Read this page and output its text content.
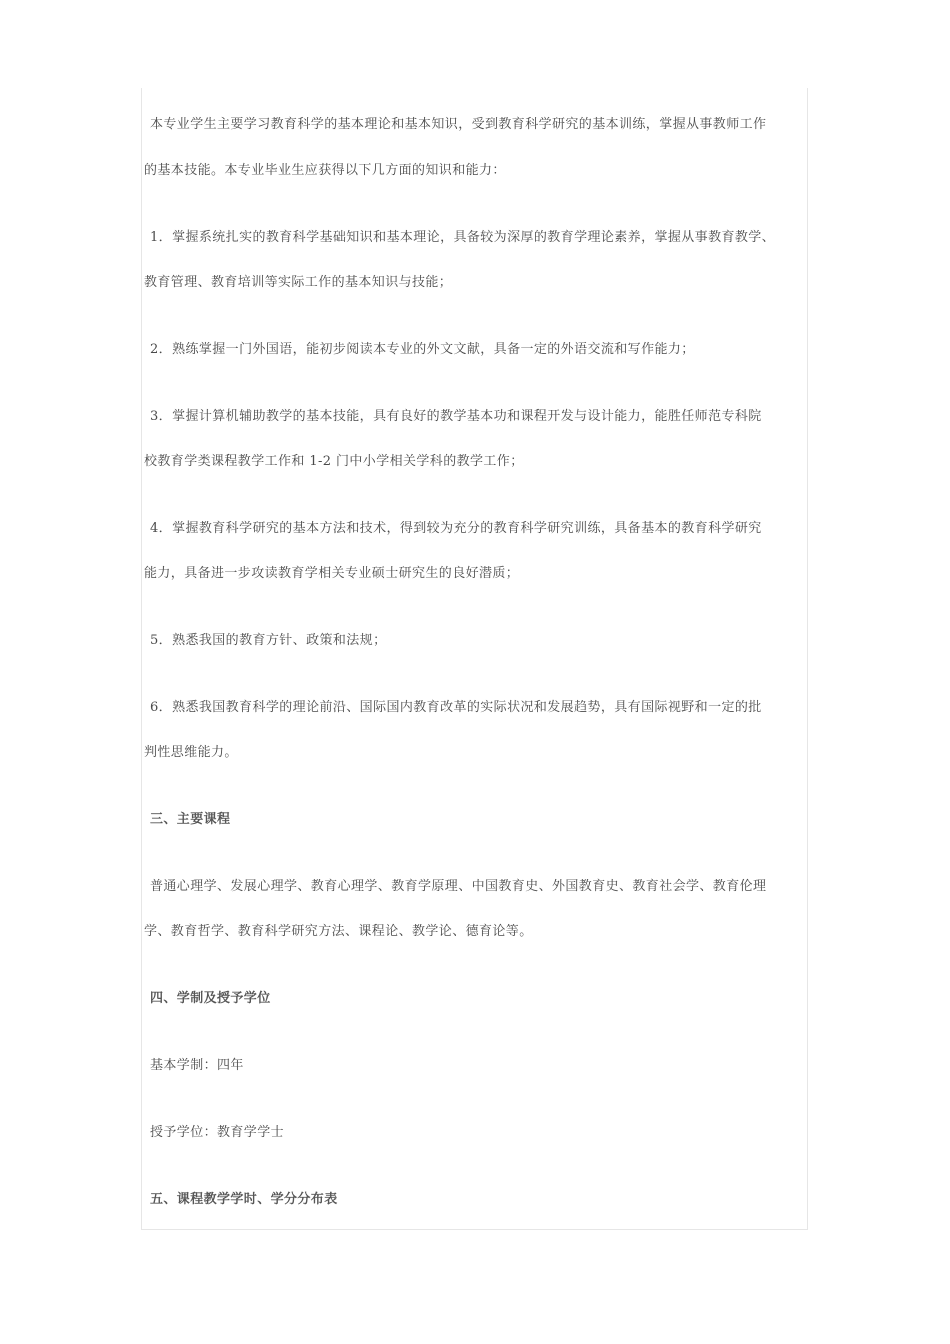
本专业学生主要学习教育科学的基本理论和基本知识，受到教育科学研究的基本训练，掌握从事教师工作
的基本技能。本专业毕业生应获得以下几方面的知识和能力：
1．掌握系统扎实的教育科学基础知识和基本理论，具备较为深厚的教育学理论素养，掌握从事教育教学、
教育管理、教育培训等实际工作的基本知识与技能；
2．熟练掌握一门外国语，能初步阅读本专业的外文文献，具备一定的外语交流和写作能力；
3．掌握计算机辅助教学的基本技能，具有良好的教学基本功和课程开发与设计能力，能胜任师范专科院
校教育学类课程教学工作和 1-2 门中小学相关学科的教学工作；
4．掌握教育科学研究的基本方法和技术，得到较为充分的教育科学研究训练，具备基本的教育科学研究
能力，具备进一步攻读教育学相关专业硕士研究生的良好潜质；
5．熟悉我国的教育方针、政策和法规；
6．熟悉我国教育科学的理论前沿、国际国内教育改革的实际状况和发展趋势，具有国际视野和一定的批
判性思维能力。
三、主要课程
普通心理学、发展心理学、教育心理学、教育学原理、中国教育史、外国教育史、教育社会学、教育伦理
学、教育哲学、教育科学研究方法、课程论、教学论、德育论等。
四、学制及授予学位
基本学制：四年
授予学位：教育学学士
五、课程教学学时、学分分布表
